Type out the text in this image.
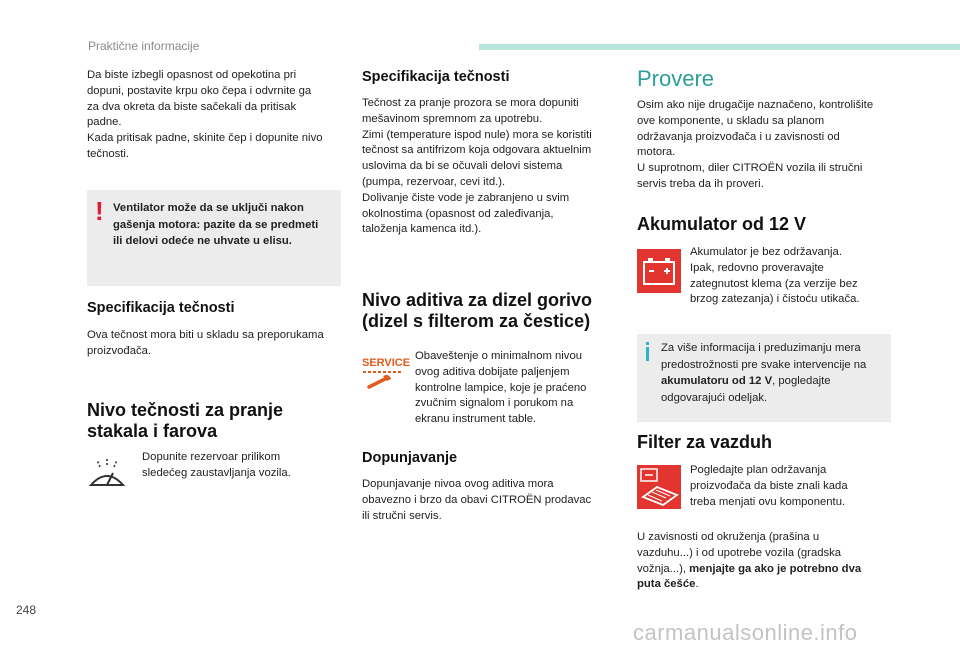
Praktične informacije
Da biste izbegli opasnost od opekotina pri
dopuni, postavite krpu oko čepa i odvrnite ga
za dva okreta da biste sačekali da pritisak
padne.
Kada pritisak padne, skinite čep i dopunite nivo
tečnosti.
! Ventilator može da se uključi nakon
gašenja motora: pazite da se predmeti
ili delovi odeće ne uhvate u elisu.
Specifikacija tečnosti
Ova tečnost mora biti u skladu sa preporukama
proizvođača.
Nivo tečnosti za pranje
stakala i farova
Dopunite rezervoar prilikom
sledećeg zaustavljanja vozila.
Specifikacija tečnosti
Tečnost za pranje prozora se mora dopuniti
mešavinom spremnom za upotrebu.
Zimi (temperature ispod nule) mora se koristiti
tečnost sa antifrizom koja odgovara aktuelnim
uslovima da bi se očuvali delovi sistema
(pumpa, rezervoar, cevi itd.).
Dolivanje čiste vode je zabranjeno u svim
okolnostima (opasnost od zaleđivanja,
taloženja kamenca itd.).
Nivo aditiva za dizel gorivo
(dizel s filterom za čestice)
SERVICE
Obaveštenje o minimalnom nivou
ovog aditiva dobijate paljenjem
kontrolne lampice, koje je praćeno
zvučnim signalom i porukom na
ekranu instrument table.
Dopunjavanje
Dopunjavanje nivoa ovog aditiva mora
obavezno i brzo da obavi CITROËN prodavac
ili stručni servis.
Provere
Osim ako nije drugačije naznačeno, kontrolišite
ove komponente, u skladu sa planom
održavanja proizvođača i u zavisnosti od
motora.
U suprotnom, diler CITROËN vozila ili stručni
servis treba da ih proveri.
Akumulator od 12 V
Akumulator je bez održavanja.
Ipak, redovno proveravajte
zategnutost klema (za verzije bez
brzog zatezanja) i čistoću utikača.
Za više informacija i preduzimanju mera predostrožnosti pre svake intervencije na akumulatoru od 12 V, pogledajte odgovarajući odeljak.
Filter za vazduh
Pogledajte plan održavanja
proizvođača da biste znali kada
treba menjati ovu komponentu.
U zavisnosti od okruženja (prašina u
vazduhu...) i od upotrebe vozila (gradska
vožnja...), menjajte ga ako je potrebno dva
puta češće.
248
carmanualsonline.info
